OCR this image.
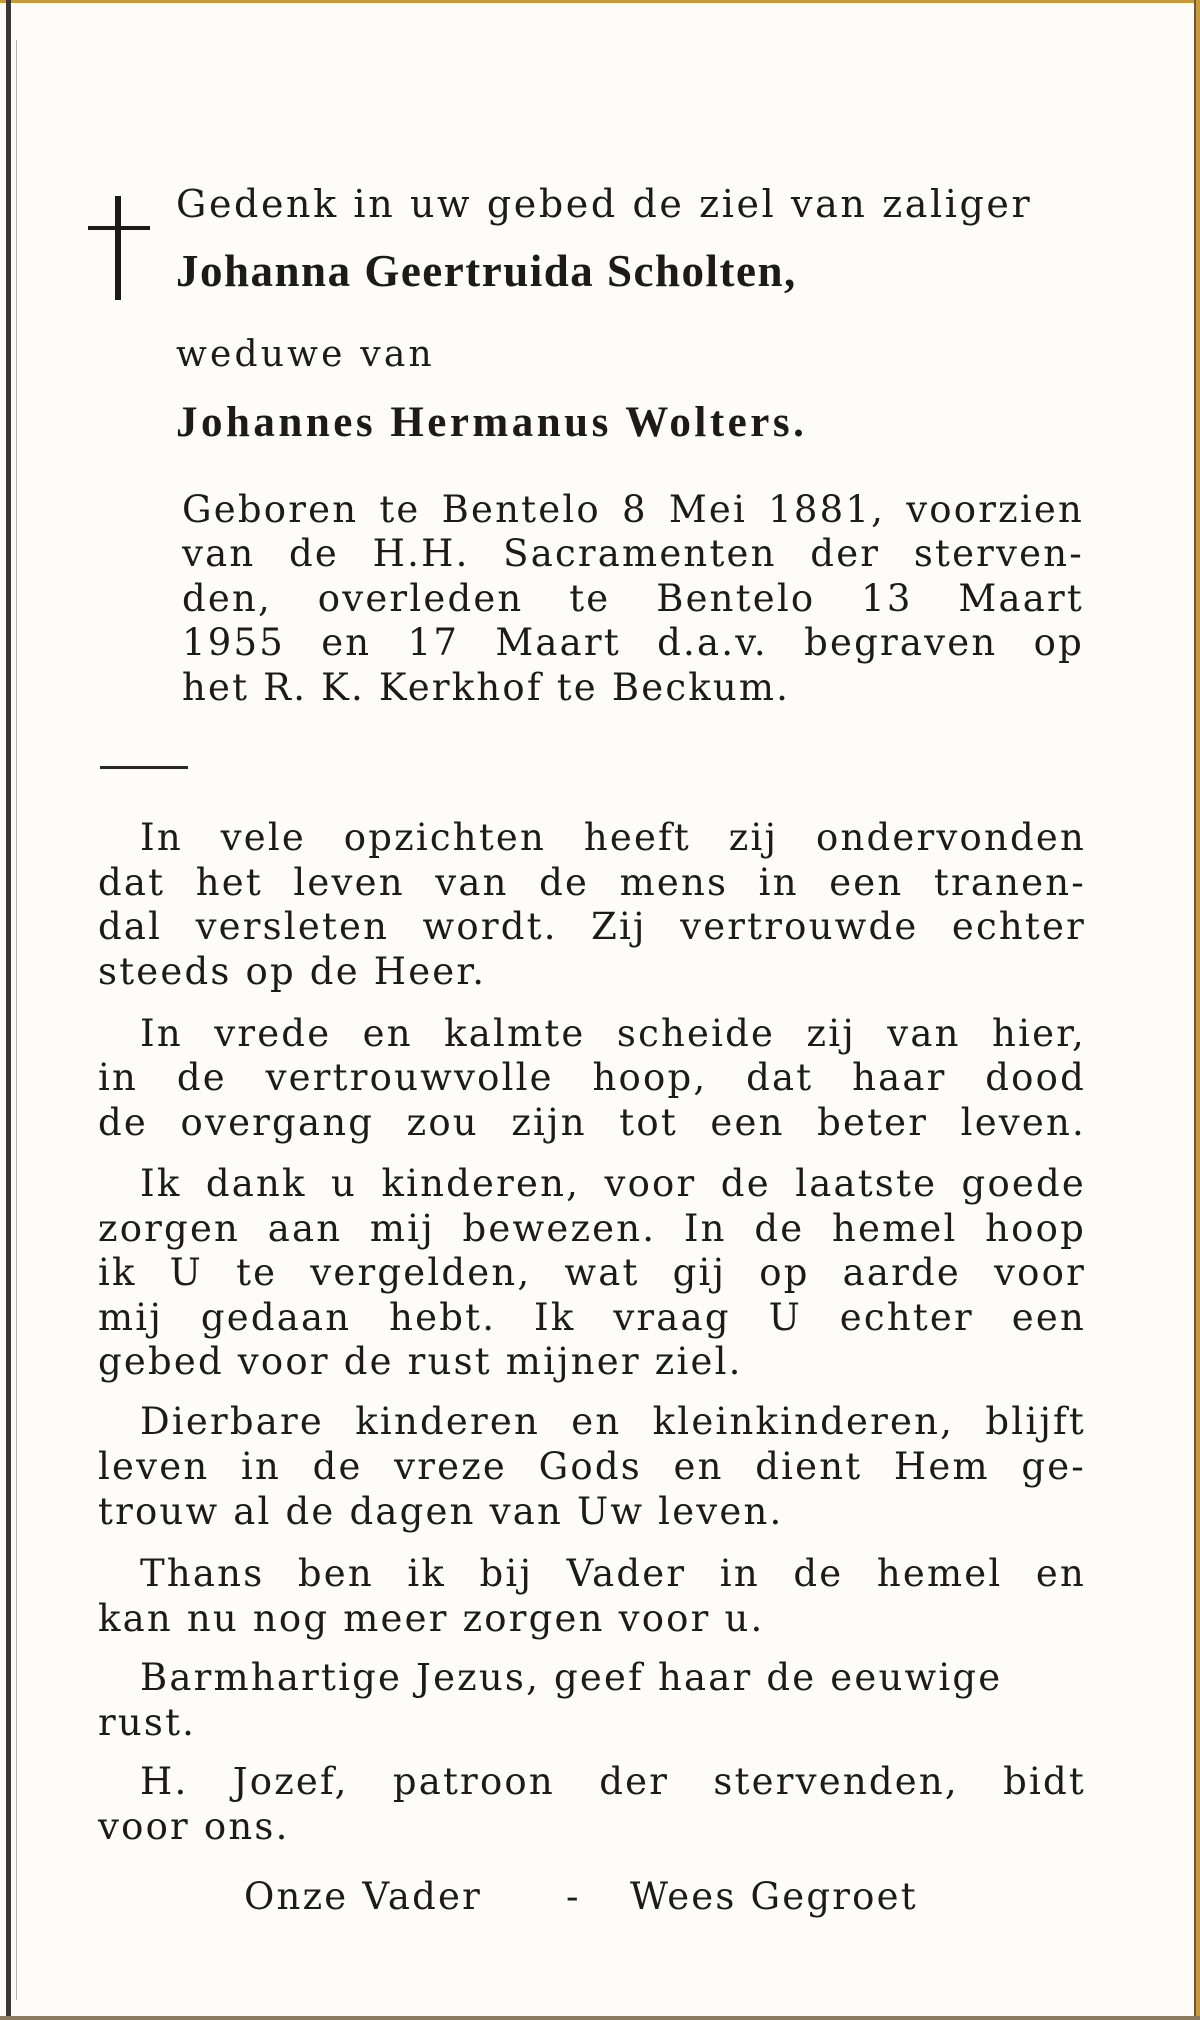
Gedenk in uw gebed de ziel van zaliger
Johanna Geertruida Scholten,
weduwe van
Johannes Hermanus Wolters.
Geboren te Bentelo 8 Mei 1881, voorzien
van de H.H. Sacramenten der sterven-
den, overleden te Bentelo 13 Maart
1955 en 17 Maart d.a.v. begraven op
het R. K. Kerkhof te Beckum.
In vele opzichten heeft zij ondervonden
dat het leven van de mens in een tranen-
dal versleten wordt. Zij vertrouwde echter
steeds op de Heer.
In vrede en kalmte scheide zij van hier,
in de vertrouwvolle hoop, dat haar dood
de overgang zou zijn tot een beter leven.
Ik dank u kinderen, voor de laatste goede
zorgen aan mij bewezen. In de hemel hoop
ik U te vergelden, wat gij op aarde voor
mij gedaan hebt. Ik vraag U echter een
gebed voor de rust mijner ziel.
Dierbare kinderen en kleinkinderen, blijft
leven in de vreze Gods en dient Hem ge-
trouw al de dagen van Uw leven.
Thans ben ik bij Vader in de hemel en
kan nu nog meer zorgen voor u.
Barmhartige Jezus, geef haar de eeuwige
rust.
H. Jozef, patroon der stervenden, bidt
voor ons.
Onze Vader - Wees Gegroet
